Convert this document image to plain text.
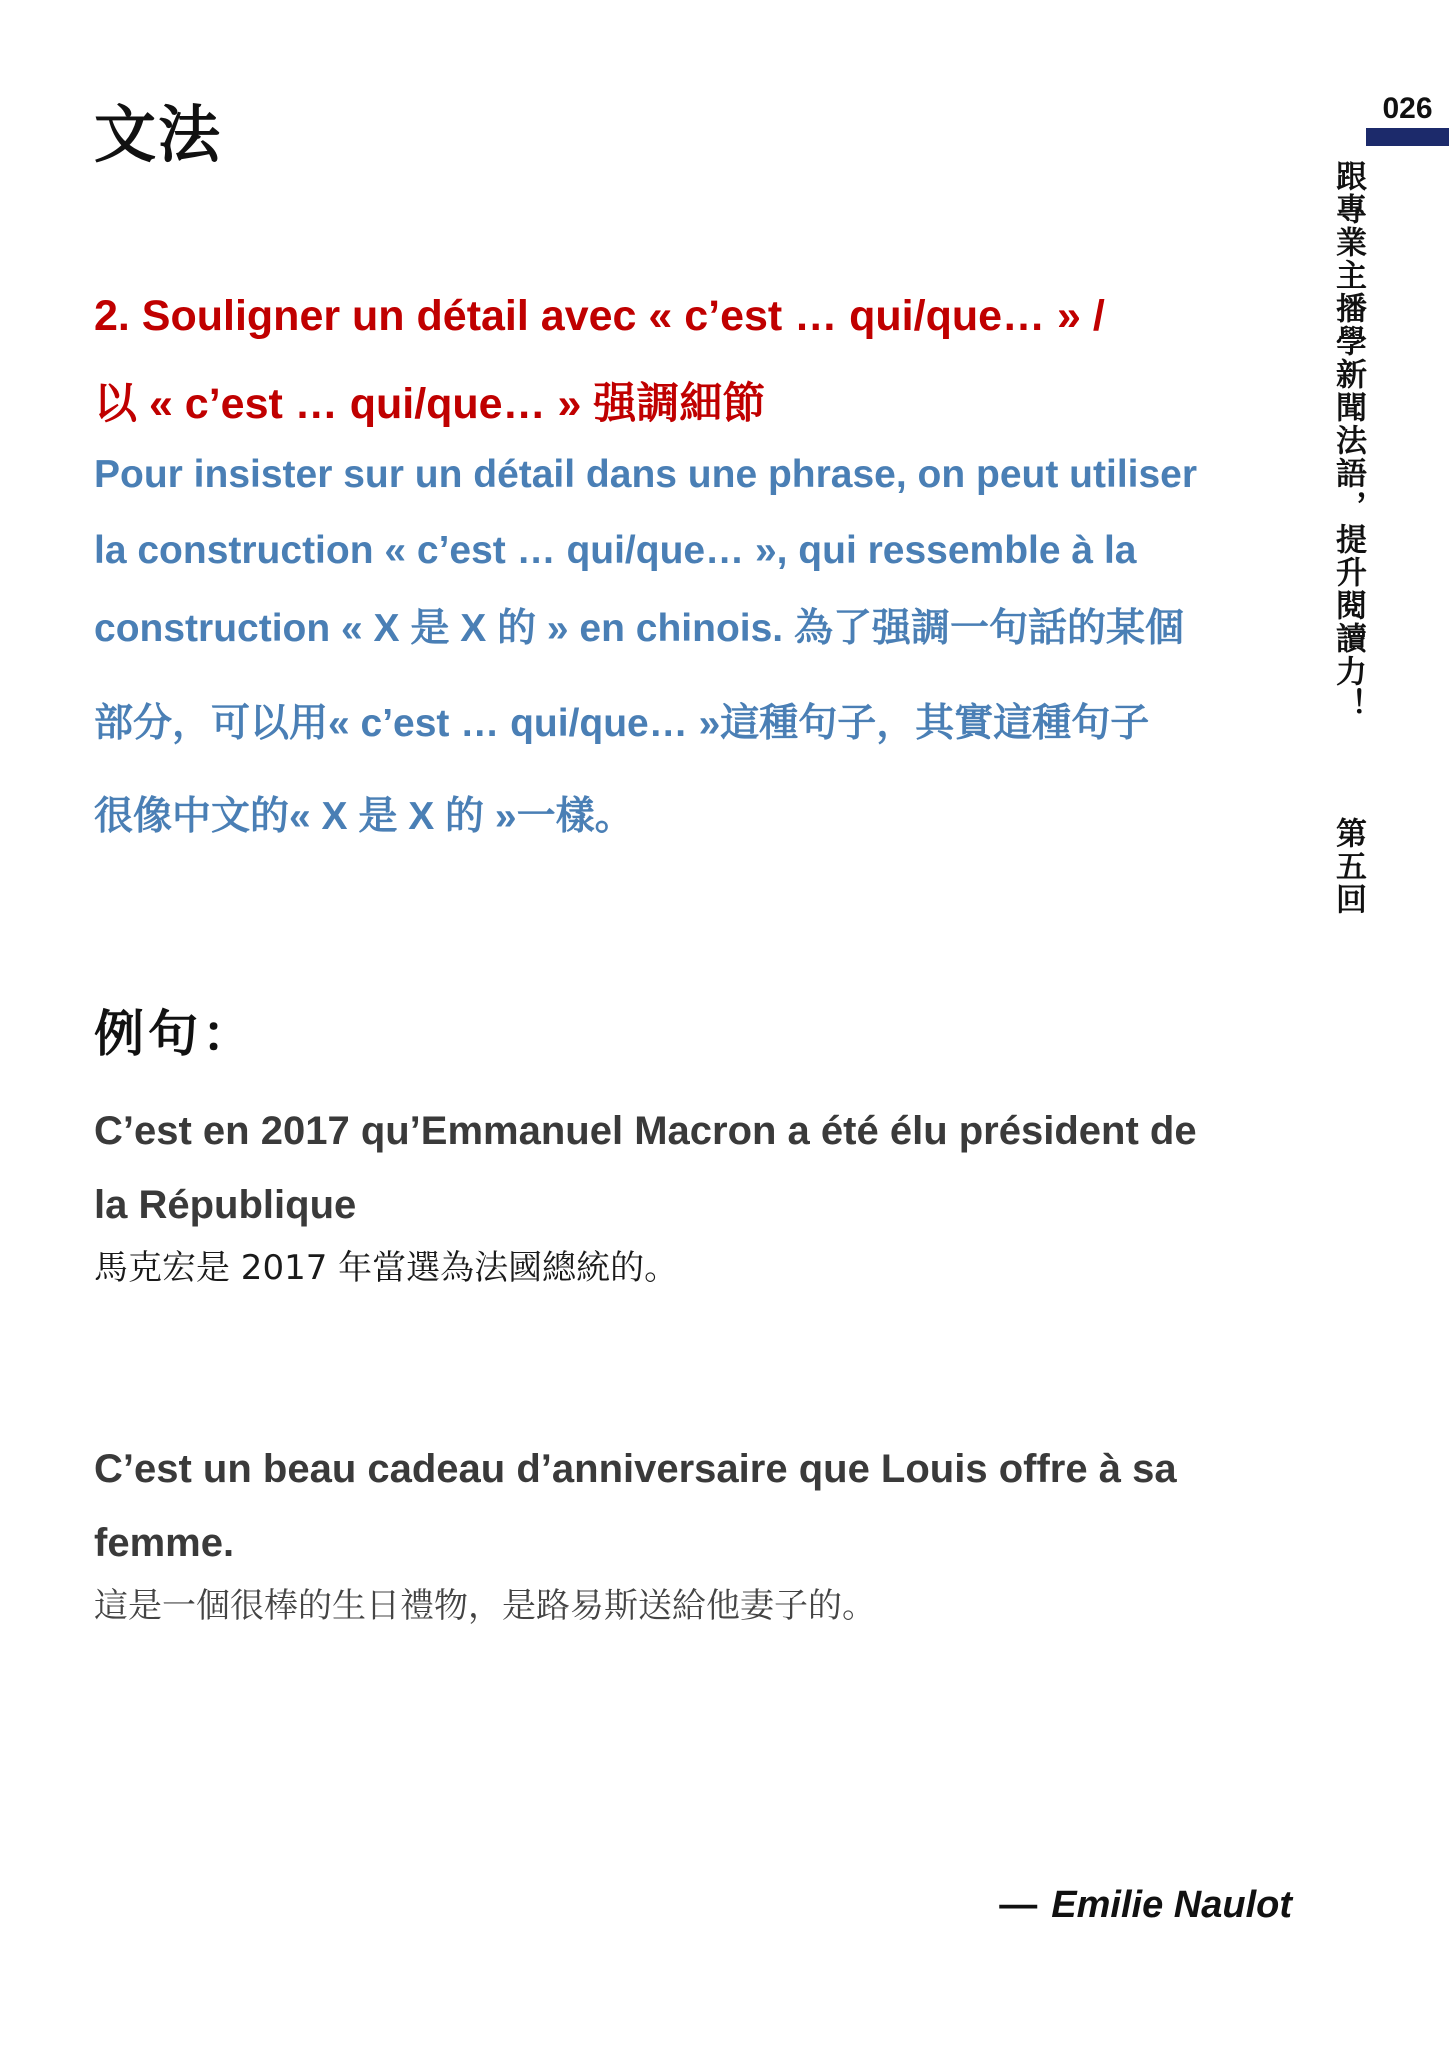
文法	026
跟專業主播學新聞法語，提升閱讀力！第五回
2. Souligner un détail avec « c’est … qui/que… » /
以 « c’est … qui/que… » 强調細節
Pour insister sur un détail dans une phrase, on peut utiliser
la construction « c’est … qui/que… », qui ressemble à la
construction « X 是 X 的 » en chinois. 為了强調一句話的某個
部分，可以用« c’est … qui/que… »這種句子，其實這種句子
很像中文的« X 是 X 的 »一樣。
例句：
C’est en 2017 qu’Emmanuel Macron a été élu président de
la République
馬克宏是 2017 年當選為法國總統的。
C’est un beau cadeau d’anniversaire que Louis offre à sa
femme.
這是一個很棒的生日禮物，是路易斯送給他妻子的。
— Emilie Naulot
